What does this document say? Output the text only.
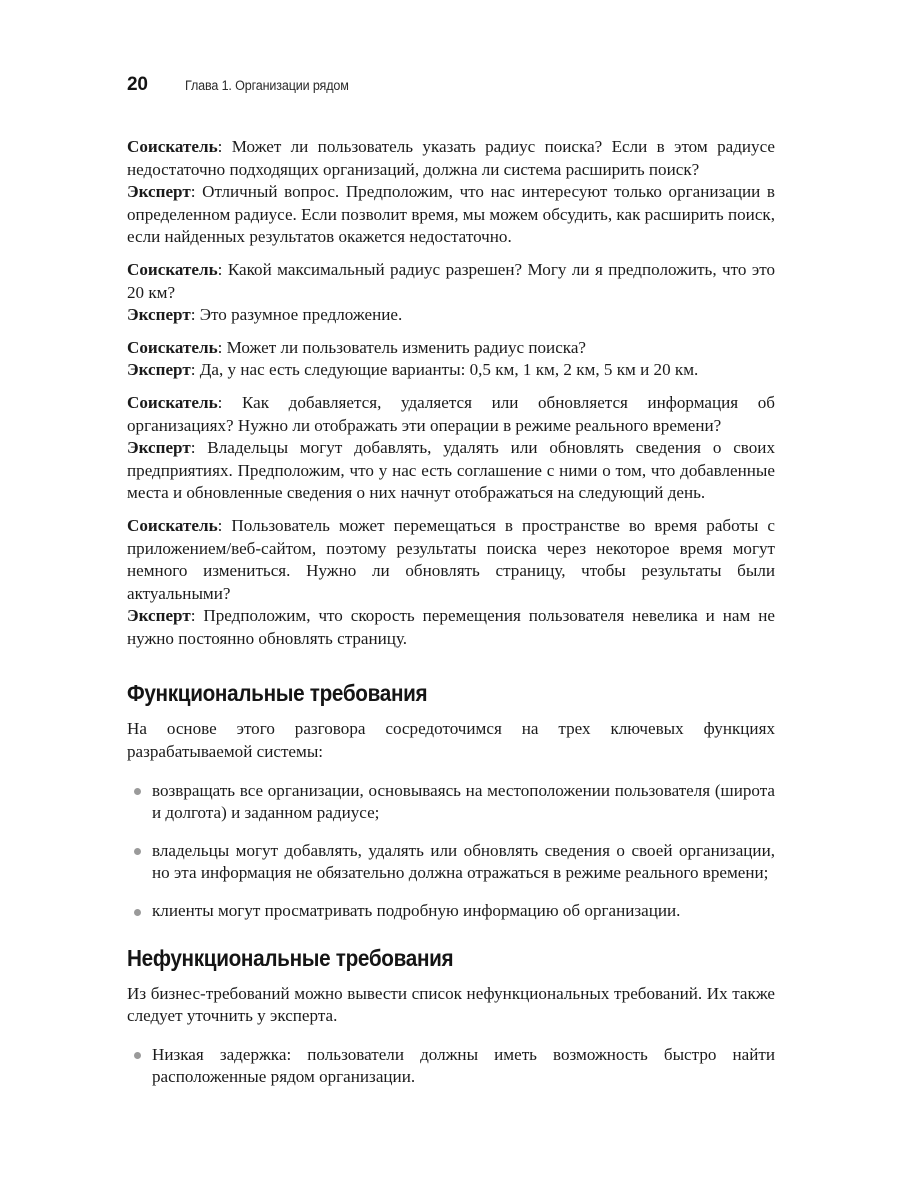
20	Глава 1. Организации рядом

Соискатель: Может ли пользователь указать радиус поиска? Если в этом радиусе недостаточно подходящих организаций, должна ли система расширить поиск?
Эксперт: Отличный вопрос. Предположим, что нас интересуют только организации в определенном радиусе. Если позволит время, мы можем обсудить, как расширить поиск, если найденных результатов окажется недостаточно.

Соискатель: Какой максимальный радиус разрешен? Могу ли я предположить, что это 20 км?
Эксперт: Это разумное предложение.

Соискатель: Может ли пользователь изменить радиус поиска?
Эксперт: Да, у нас есть следующие варианты: 0,5 км, 1 км, 2 км, 5 км и 20 км.

Соискатель: Как добавляется, удаляется или обновляется информация об организациях? Нужно ли отображать эти операции в режиме реального времени?
Эксперт: Владельцы могут добавлять, удалять или обновлять сведения о своих предприятиях. Предположим, что у нас есть соглашение с ними о том, что добавленные места и обновленные сведения о них начнут отображаться на следующий день.

Соискатель: Пользователь может перемещаться в пространстве во время работы с приложением/веб-сайтом, поэтому результаты поиска через некоторое время могут немного измениться. Нужно ли обновлять страницу, чтобы результаты были актуальными?
Эксперт: Предположим, что скорость перемещения пользователя невелика и нам не нужно постоянно обновлять страницу.

Функциональные требования

На основе этого разговора сосредоточимся на трех ключевых функциях разрабатываемой системы:

возвращать все организации, основываясь на местоположении пользователя (широта и долгота) и заданном радиусе;
владельцы могут добавлять, удалять или обновлять сведения о своей организации, но эта информация не обязательно должна отражаться в режиме реального времени;
клиенты могут просматривать подробную информацию об организации.
Нефункциональные требования

Из бизнес-требований можно вывести список нефункциональных требований. Их также следует уточнить у эксперта.

Низкая задержка: пользователи должны иметь возможность быстро найти расположенные рядом организации.
